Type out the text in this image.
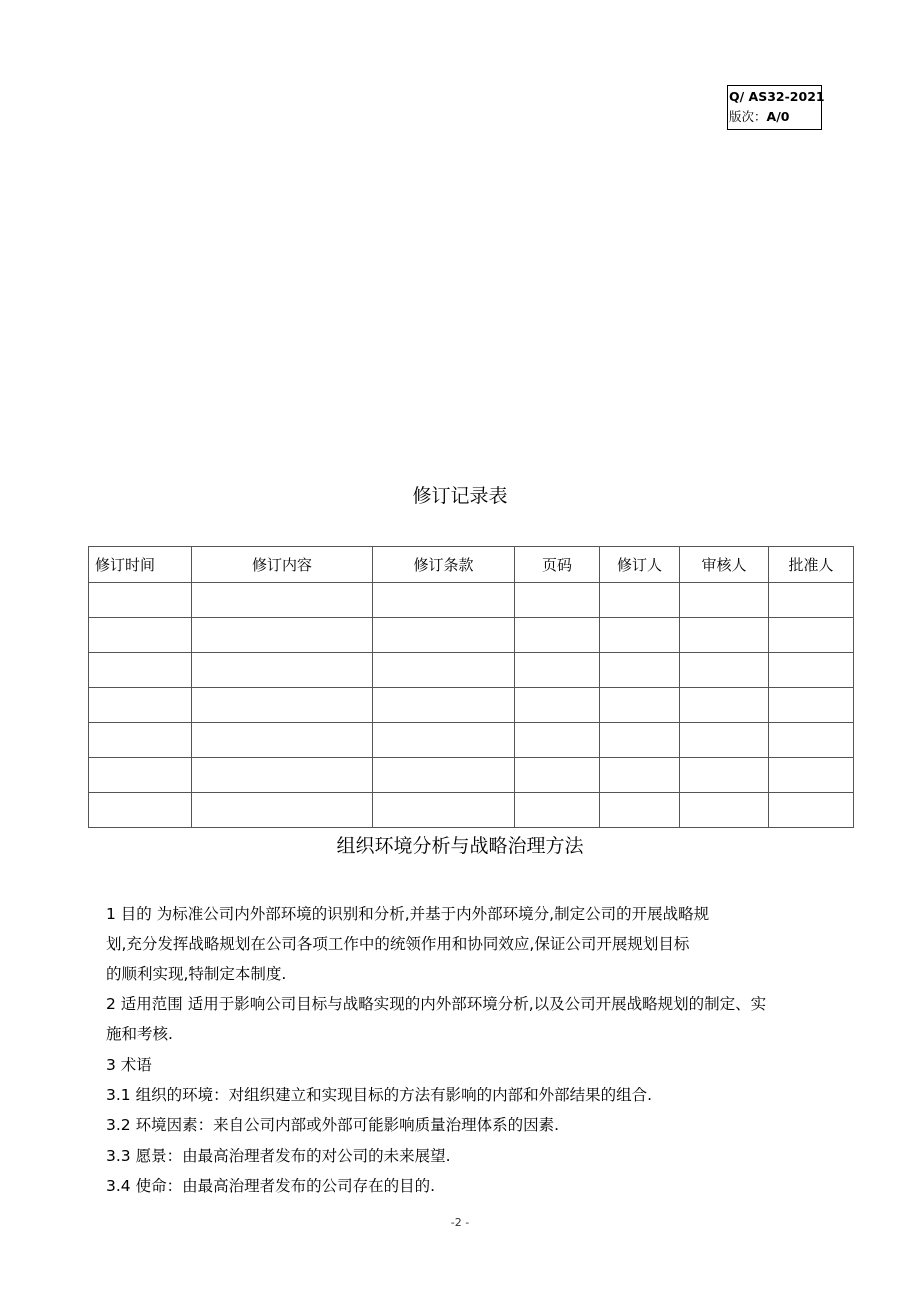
Q/ AS32-2021
版次：A/0
修订记录表
修订时间	修订内容	修订条款	页码	修订人	审核人	批准人

组织环境分析与战略治理方法
1 目的 为标准公司内外部环境的识别和分析,并基于内外部环境分,制定公司的开展战略规
划,充分发挥战略规划在公司各项工作中的统领作用和协同效应,保证公司开展规划目标
的顺利实现,特制定本制度.
2 适用范围 适用于影响公司目标与战略实现的内外部环境分析,以及公司开展战略规划的制定、实
施和考核.
3 术语
3.1 组织的环境：对组织建立和实现目标的方法有影响的内部和外部结果的组合.
3.2 环境因素：来自公司内部或外部可能影响质量治理体系的因素.
3.3 愿景：由最高治理者发布的对公司的未来展望.
3.4 使命：由最高治理者发布的公司存在的目的.
-2 -
